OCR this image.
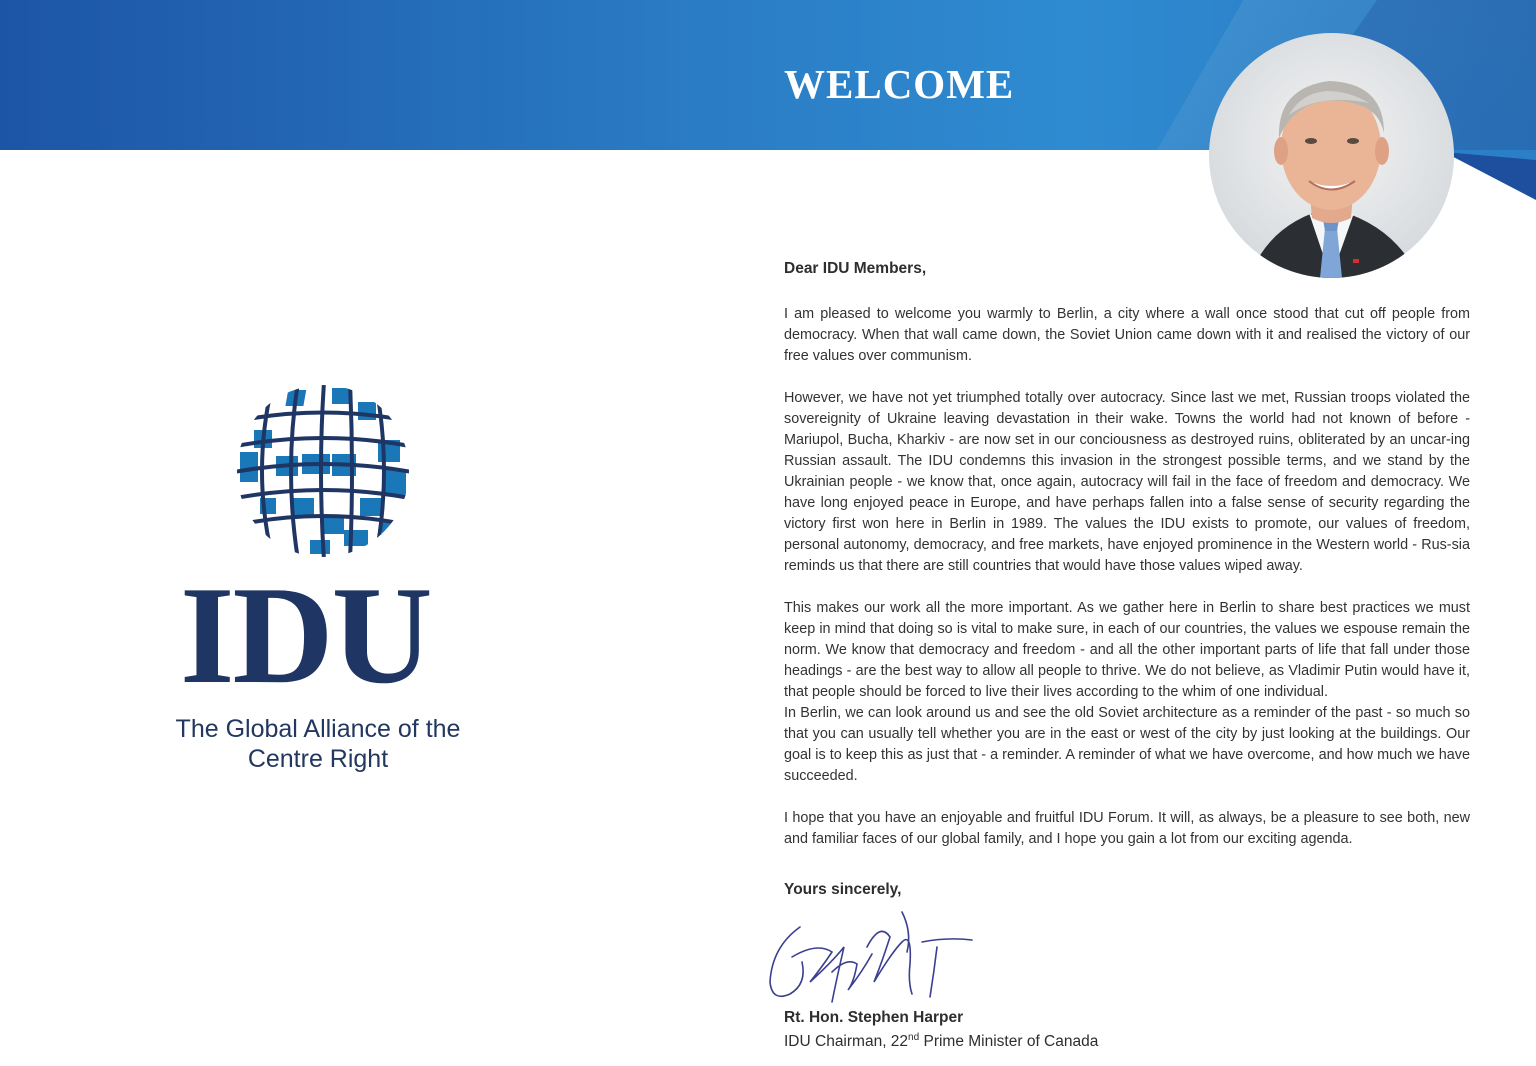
WELCOME
IDU
The Global Alliance of the
Centre Right

Dear IDU Members,

I am pleased to welcome you warmly to Berlin, a city where a wall once stood that cut off people from democracy. When that wall came down, the Soviet Union came down with it and realised the victory of our free values over communism.

However, we have not yet triumphed totally over autocracy. Since last we met, Russian troops violated the sovereignity of Ukraine leaving devastation in their wake. Towns the world had not known of before - Mariupol, Bucha, Kharkiv - are now set in our conciousness as destroyed ruins, obliterated by an uncar-ing Russian assault. The IDU condemns this invasion in the strongest possible terms, and we stand by the Ukrainian people - we know that, once again, autocracy will fail in the face of freedom and democracy. We have long enjoyed peace in Europe, and have perhaps fallen into a false sense of security regarding the victory first won here in Berlin in 1989. The values the IDU exists to promote, our values of freedom, personal autonomy, democracy, and free markets, have enjoyed prominence in the Western world - Rus-sia reminds us that there are still countries that would have those values wiped away.

This makes our work all the more important. As we gather here in Berlin to share best practices we must keep in mind that doing so is vital to make sure, in each of our countries, the values we espouse remain the norm. We know that democracy and freedom - and all the other important parts of life that fall under those headings - are the best way to allow all people to thrive. We do not believe, as Vladimir Putin would have it, that people should be forced to live their lives according to the whim of one individual.

In Berlin, we can look around us and see the old Soviet architecture as a reminder of the past - so much so that you can usually tell whether you are in the east or west of the city by just looking at the buildings. Our goal is to keep this as just that - a reminder. A reminder of what we have overcome, and how much we have succeeded.

I hope that you have an enjoyable and fruitful IDU Forum. It will, as always, be a pleasure to see both, new and familiar faces of our global family, and I hope you gain a lot from our exciting agenda.

Yours sincerely,
Rt. Hon. Stephen Harper
IDU Chairman, 22nd Prime Minister of Canada
